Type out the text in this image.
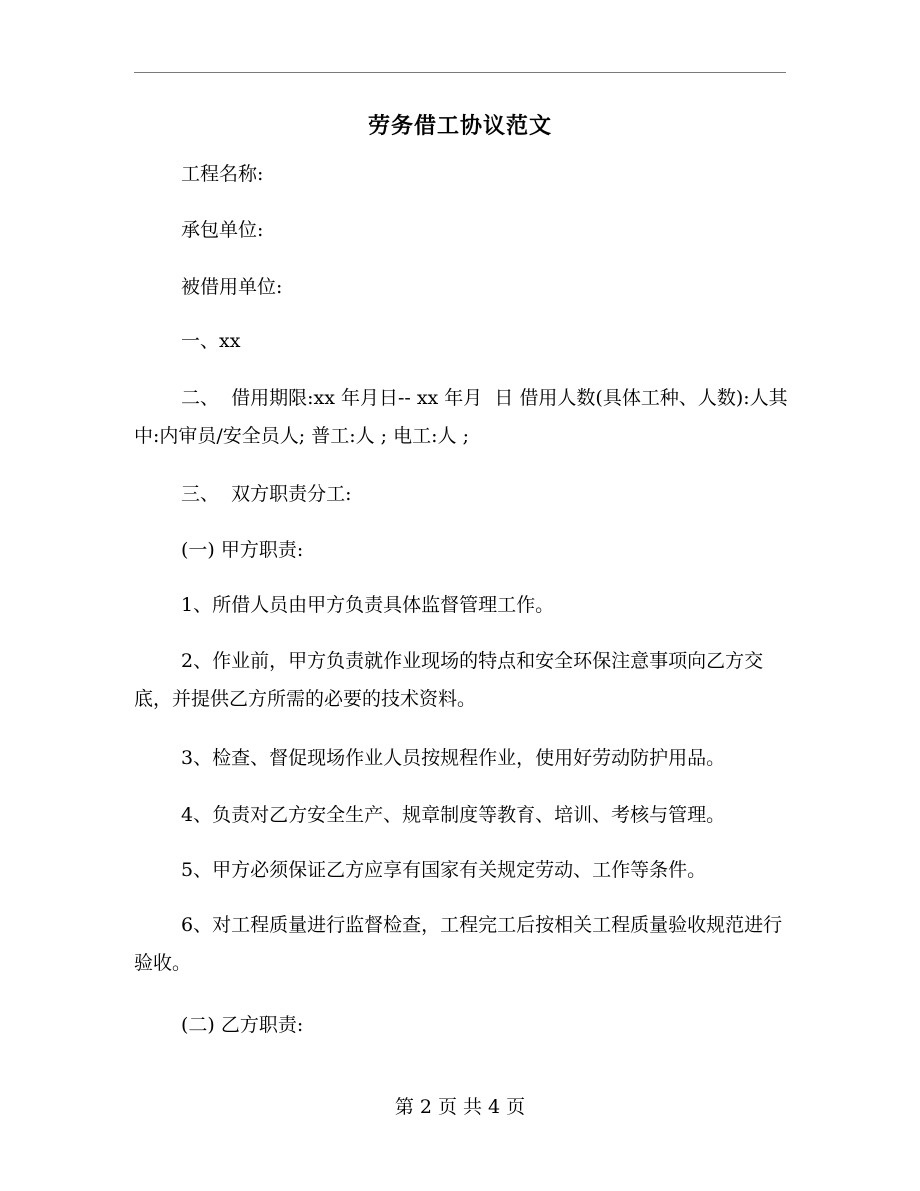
劳务借工协议范文
工程名称:
承包单位:
被借用单位:
一、xx
二、  借用期限:xx 年月日-- xx 年月  日 借用人数(具体工种、人数):人其中:内审员/安全员人; 普工:人 ; 电工:人 ;
三、  双方职责分工:
(一) 甲方职责:
1、所借人员由甲方负责具体监督管理工作。
2、作业前，甲方负责就作业现场的特点和安全环保注意事项向乙方交底，并提供乙方所需的必要的技术资料。
3、检查、督促现场作业人员按规程作业，使用好劳动防护用品。
4、负责对乙方安全生产、规章制度等教育、培训、考核与管理。
5、甲方必须保证乙方应享有国家有关规定劳动、工作等条件。
6、对工程质量进行监督检查，工程完工后按相关工程质量验收规范进行验收。
(二) 乙方职责:
第 2 页 共 4 页
